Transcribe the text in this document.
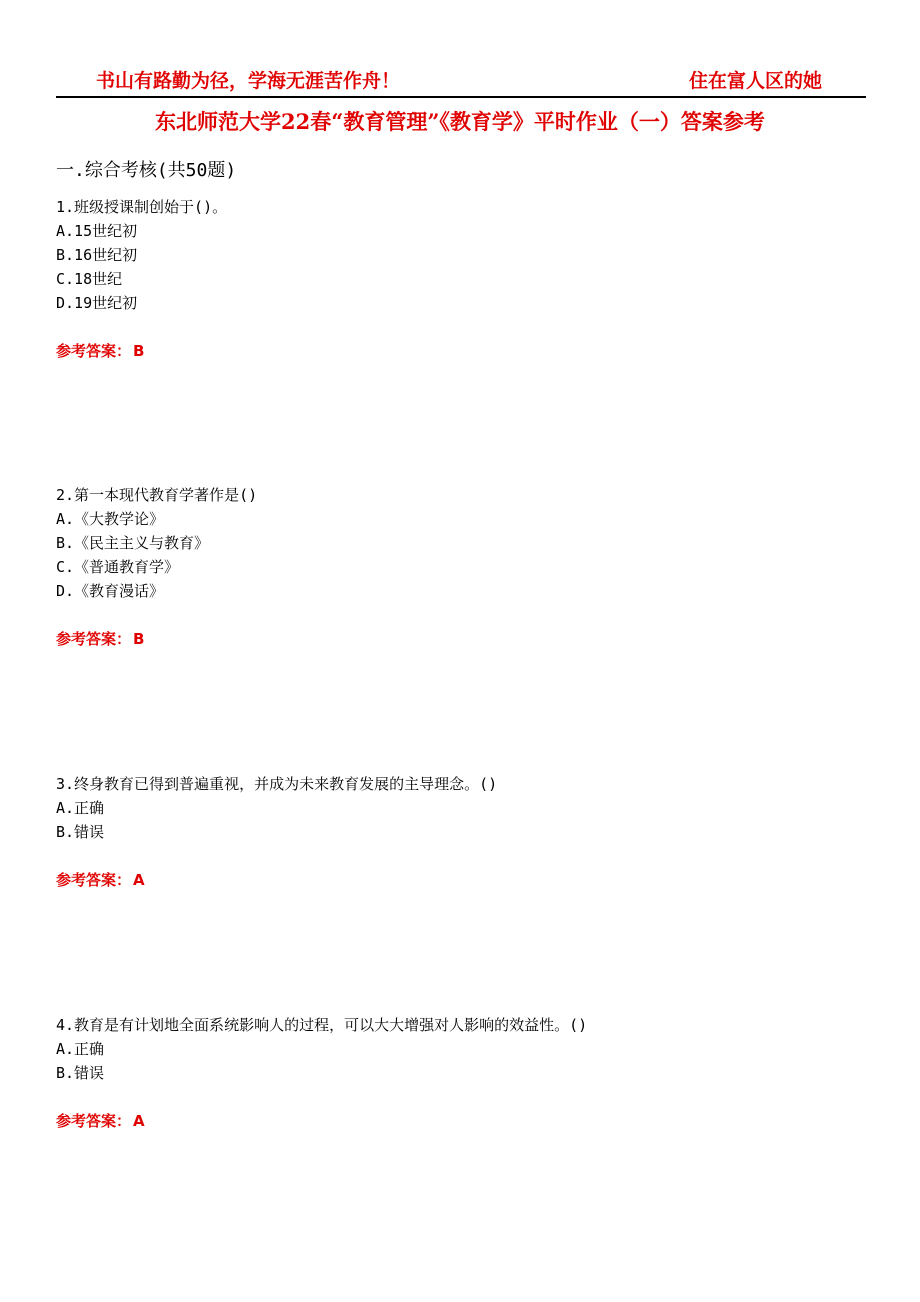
书山有路勤为径，学海无涯苦作舟！	住在富人区的她
东北师范大学22春“教育管理”《教育学》平时作业（一）答案参考
一.综合考核(共50题)
1.班级授课制创始于()。
A.15世纪初
B.16世纪初
C.18世纪
D.19世纪初
参考答案： B
2.第一本现代教育学著作是()
A.《大教学论》
B.《民主主义与教育》
C.《普通教育学》
D.《教育漫话》
参考答案： B
3.终身教育已得到普遍重视，并成为未来教育发展的主导理念。()
A.正确
B.错误
参考答案： A
4.教育是有计划地全面系统影响人的过程，可以大大增强对人影响的效益性。()
A.正确
B.错误
参考答案： A
